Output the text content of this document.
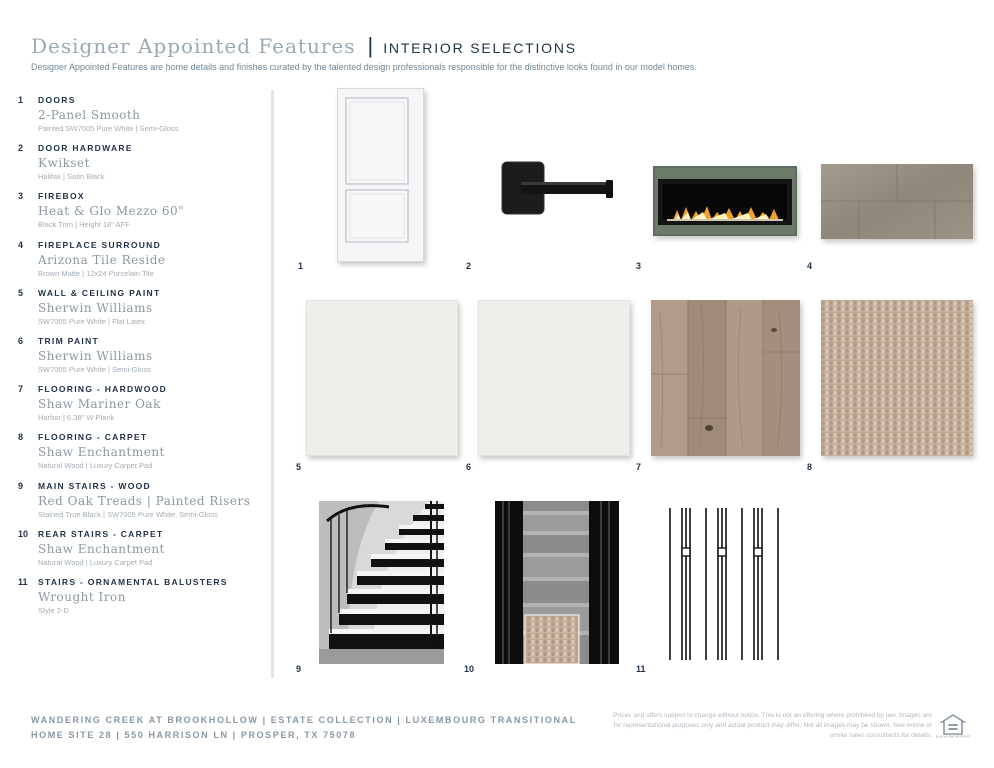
Designer Appointed Features | INTERIOR SELECTIONS
Designer Appointed Features are home details and finishes curated by the talented design professionals responsible for the distinctive looks found in our model homes.
1 DOORS
2-Panel Smooth
Painted SW7005 Pure White | Semi-Gloss
2 DOOR HARDWARE
Kwikset
Halifax | Satin Black
3 FIREBOX
Heat & Glo Mezzo 60"
Black Trim | Height 18" AFF
4 FIREPLACE SURROUND
Arizona Tile Reside
Brown Matte | 12x24 Porcelain Tile
5 WALL & CEILING PAINT
Sherwin Williams
SW7005 Pure White | Flat Latex
6 TRIM PAINT
Sherwin Williams
SW7005 Pure White | Semi-Gloss
7 FLOORING - HARDWOOD
Shaw Mariner Oak
Harbor | 6.38" W Plank
8 FLOORING - CARPET
Shaw Enchantment
Natural Wood | Luxury Carpet Pad
9 MAIN STAIRS - WOOD
Red Oak Treads | Painted Risers
Stained True Black | SW7005 Pure White, Semi-Gloss
10 REAR STAIRS - CARPET
Shaw Enchantment
Natural Wood | Luxury Carpet Pad
11 STAIRS - ORNAMENTAL BALUSTERS
Wrought Iron
Style 2-D
1	2	3	4
5	6	7	8
9	10	11
WANDERING CREEK AT BROOKHOLLOW | ESTATE COLLECTION | LUXEMBOURG TRANSITIONAL
HOME SITE 28 | 550 HARRISON LN | PROSPER, TX 75078
Prices and offers subject to change without notice. This is not an offering where prohibited by law. Images are for representational purposes only and actual product may differ. Not all images may be shown. See online or onsite sales consultants for details. EQUAL HOUSING OPPORTUNITY
